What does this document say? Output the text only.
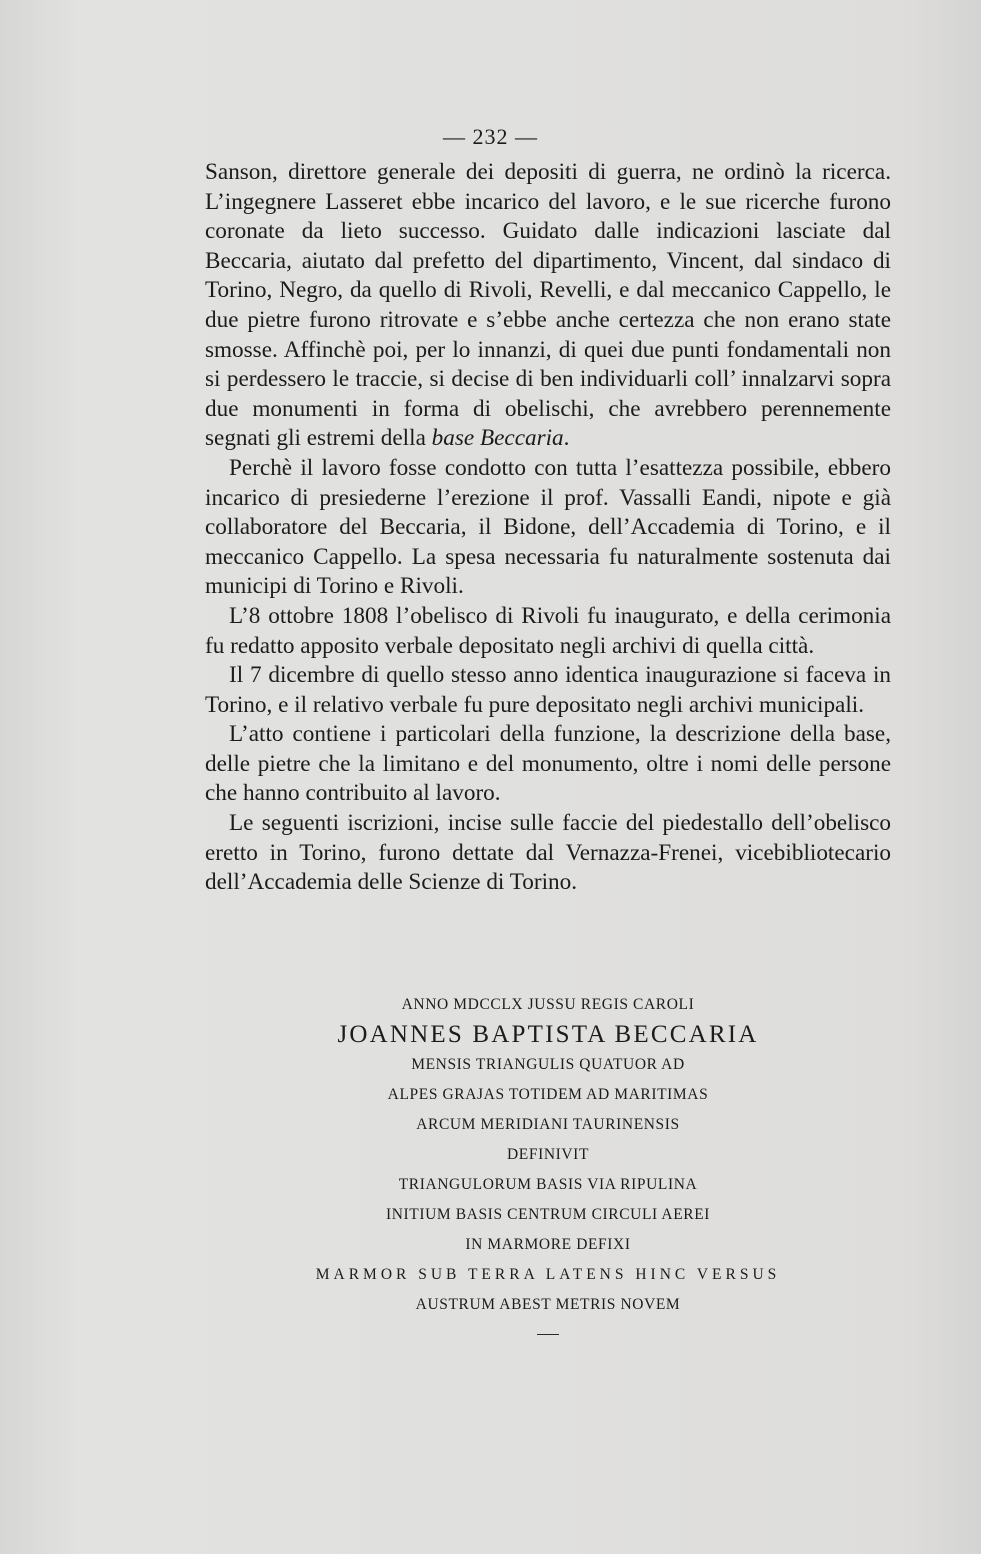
— 232 —

Sanson, direttore generale dei depositi di guerra, ne ordinò la ricerca. L’ingegnere Lasseret ebbe incarico del lavoro, e le sue ricerche furono coronate da lieto successo. Guidato dalle indicazioni lasciate dal Beccaria, aiutato dal prefetto del dipartimento, Vincent, dal sindaco di Torino, Negro, da quello di Rivoli, Revelli, e dal meccanico Cappello, le due pietre furono ritrovate e s’ebbe anche certezza che non erano state smosse. Affinchè poi, per lo innanzi, di quei due punti fondamentali non si perdessero le traccie, si decise di ben individuarli coll’ innalzarvi sopra due monumenti in forma di obelischi, che avrebbero perennemente segnati gli estremi della base Beccaria.

Perchè il lavoro fosse condotto con tutta l’esattezza possibile, ebbero incarico di presiederne l’erezione il prof. Vassalli Eandi, nipote e già collaboratore del Beccaria, il Bidone, dell’Accademia di Torino, e il meccanico Cappello. La spesa necessaria fu naturalmente sostenuta dai municipi di Torino e Rivoli.

L’8 ottobre 1808 l’obelisco di Rivoli fu inaugurato, e della cerimonia fu redatto apposito verbale depositato negli archivi di quella città.

Il 7 dicembre di quello stesso anno identica inaugurazione si faceva in Torino, e il relativo verbale fu pure depositato negli archivi municipali.

L’atto contiene i particolari della funzione, la descrizione della base, delle pietre che la limitano e del monumento, oltre i nomi delle persone che hanno contribuito al lavoro.

Le seguenti iscrizioni, incise sulle faccie del piedestallo dell’obelisco eretto in Torino, furono dettate dal Vernazza-Frenei, vicebibliotecario dell’Accademia delle Scienze di Torino.

ANNO MDCCLX JUSSU REGIS CAROLI
JOANNES BAPTISTA BECCARIA
MENSIS TRIANGULIS QUATUOR AD
ALPES GRAJAS TOTIDEM AD MARITIMAS
ARCUM MERIDIANI TAURINENSIS
DEFINIVIT
TRIANGULORUM BASIS VIA RIPULINA
INITIUM BASIS CENTRUM CIRCULI AEREI
IN MARMORE DEFIXI
MARMOR SUB TERRA LATENS HINC VERSUS
AUSTRUM ABEST METRIS NOVEM
